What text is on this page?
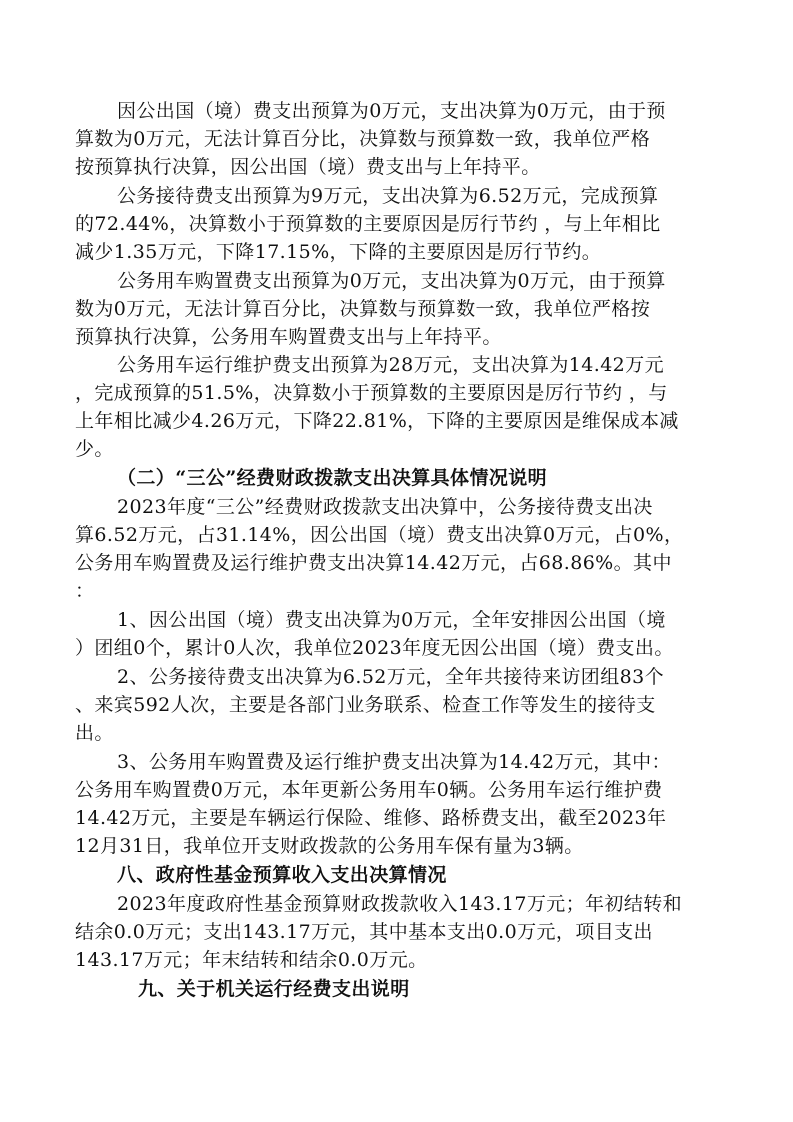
因公出国（境）费支出预算为0万元，支出决算为0万元，由于预
算数为0万元，无法计算百分比，决算数与预算数一致，我单位严格
按预算执行决算，因公出国（境）费支出与上年持平。
公务接待费支出预算为9万元，支出决算为6.52万元，完成预算
的72.44%，决算数小于预算数的主要原因是厉行节约 ，与上年相比
减少1.35万元，下降17.15%，下降的主要原因是厉行节约。
公务用车购置费支出预算为0万元，支出决算为0万元，由于预算
数为0万元，无法计算百分比，决算数与预算数一致，我单位严格按
预算执行决算，公务用车购置费支出与上年持平。
公务用车运行维护费支出预算为28万元，支出决算为14.42万元
，完成预算的51.5%，决算数小于预算数的主要原因是厉行节约 ，与
上年相比减少4.26万元，下降22.81%，下降的主要原因是维保成本减
少。
（二）“三公”经费财政拨款支出决算具体情况说明
2023年度“三公”经费财政拨款支出决算中，公务接待费支出决
算6.52万元，占31.14%，因公出国（境）费支出决算0万元，占0%，
公务用车购置费及运行维护费支出决算14.42万元，占68.86%。其中
：
1、因公出国（境）费支出决算为0万元，全年安排因公出国（境
）团组0个，累计0人次，我单位2023年度无因公出国（境）费支出。
2、公务接待费支出决算为6.52万元，全年共接待来访团组83个
、来宾592人次，主要是各部门业务联系、检查工作等发生的接待支
出。
3、公务用车购置费及运行维护费支出决算为14.42万元，其中：
公务用车购置费0万元，本年更新公务用车0辆。公务用车运行维护费
14.42万元，主要是车辆运行保险、维修、路桥费支出，截至2023年
12月31日，我单位开支财政拨款的公务用车保有量为3辆。
八、政府性基金预算收入支出决算情况
2023年度政府性基金预算财政拨款收入143.17万元；年初结转和
结余0.0万元；支出143.17万元，其中基本支出0.0万元，项目支出
143.17万元；年末结转和结余0.0万元。
九、关于机关运行经费支出说明
